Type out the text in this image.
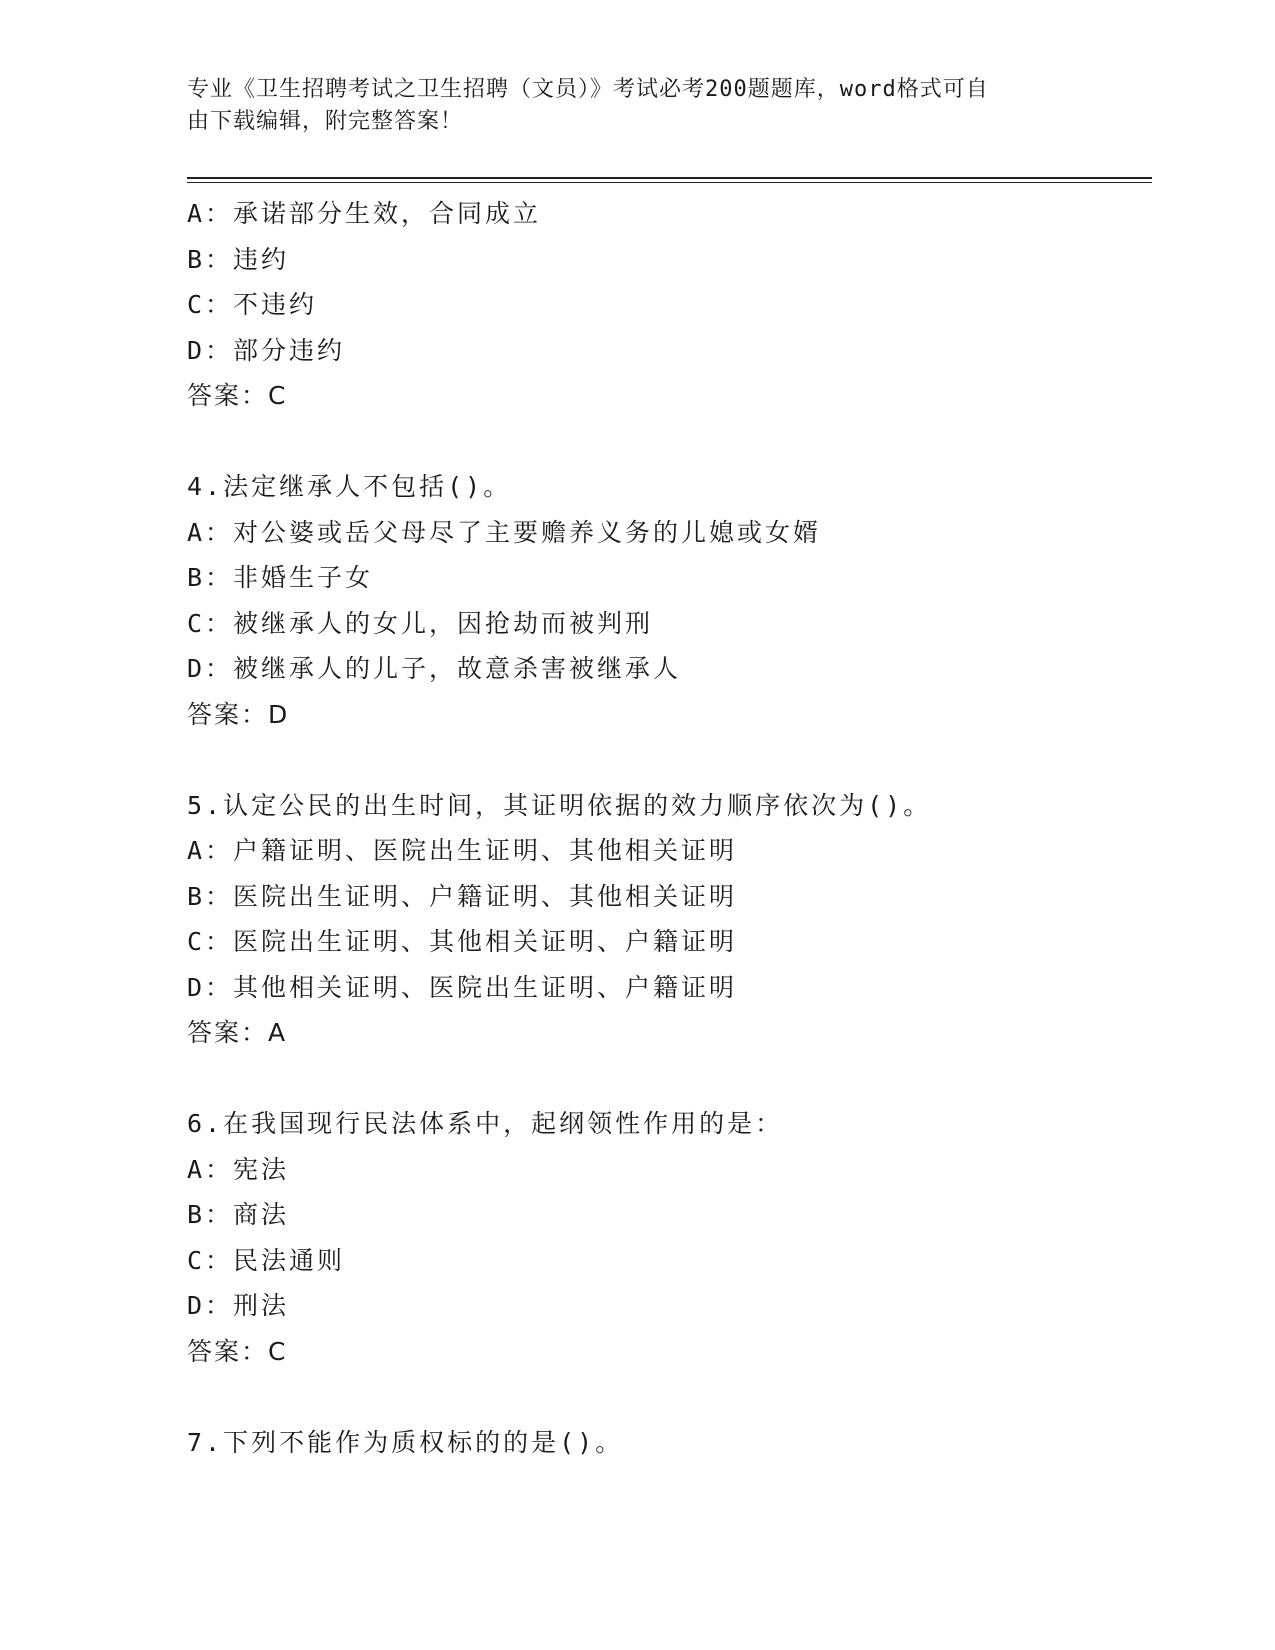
专业《卫生招聘考试之卫生招聘（文员）》考试必考200题题库，word格式可自
由下载编辑，附完整答案！
A：承诺部分生效，合同成立
B：违约
C：不违约
D：部分违约
答案：C
4.法定继承人不包括()。
A：对公婆或岳父母尽了主要赡养义务的儿媳或女婿
B：非婚生子女
C：被继承人的女儿，因抢劫而被判刑
D：被继承人的儿子，故意杀害被继承人
答案：D
5.认定公民的出生时间，其证明依据的效力顺序依次为()。
A：户籍证明、医院出生证明、其他相关证明
B：医院出生证明、户籍证明、其他相关证明
C：医院出生证明、其他相关证明、户籍证明
D：其他相关证明、医院出生证明、户籍证明
答案：A
6.在我国现行民法体系中，起纲领性作用的是：
A：宪法
B：商法
C：民法通则
D：刑法
答案：C
7.下列不能作为质权标的的是()。
